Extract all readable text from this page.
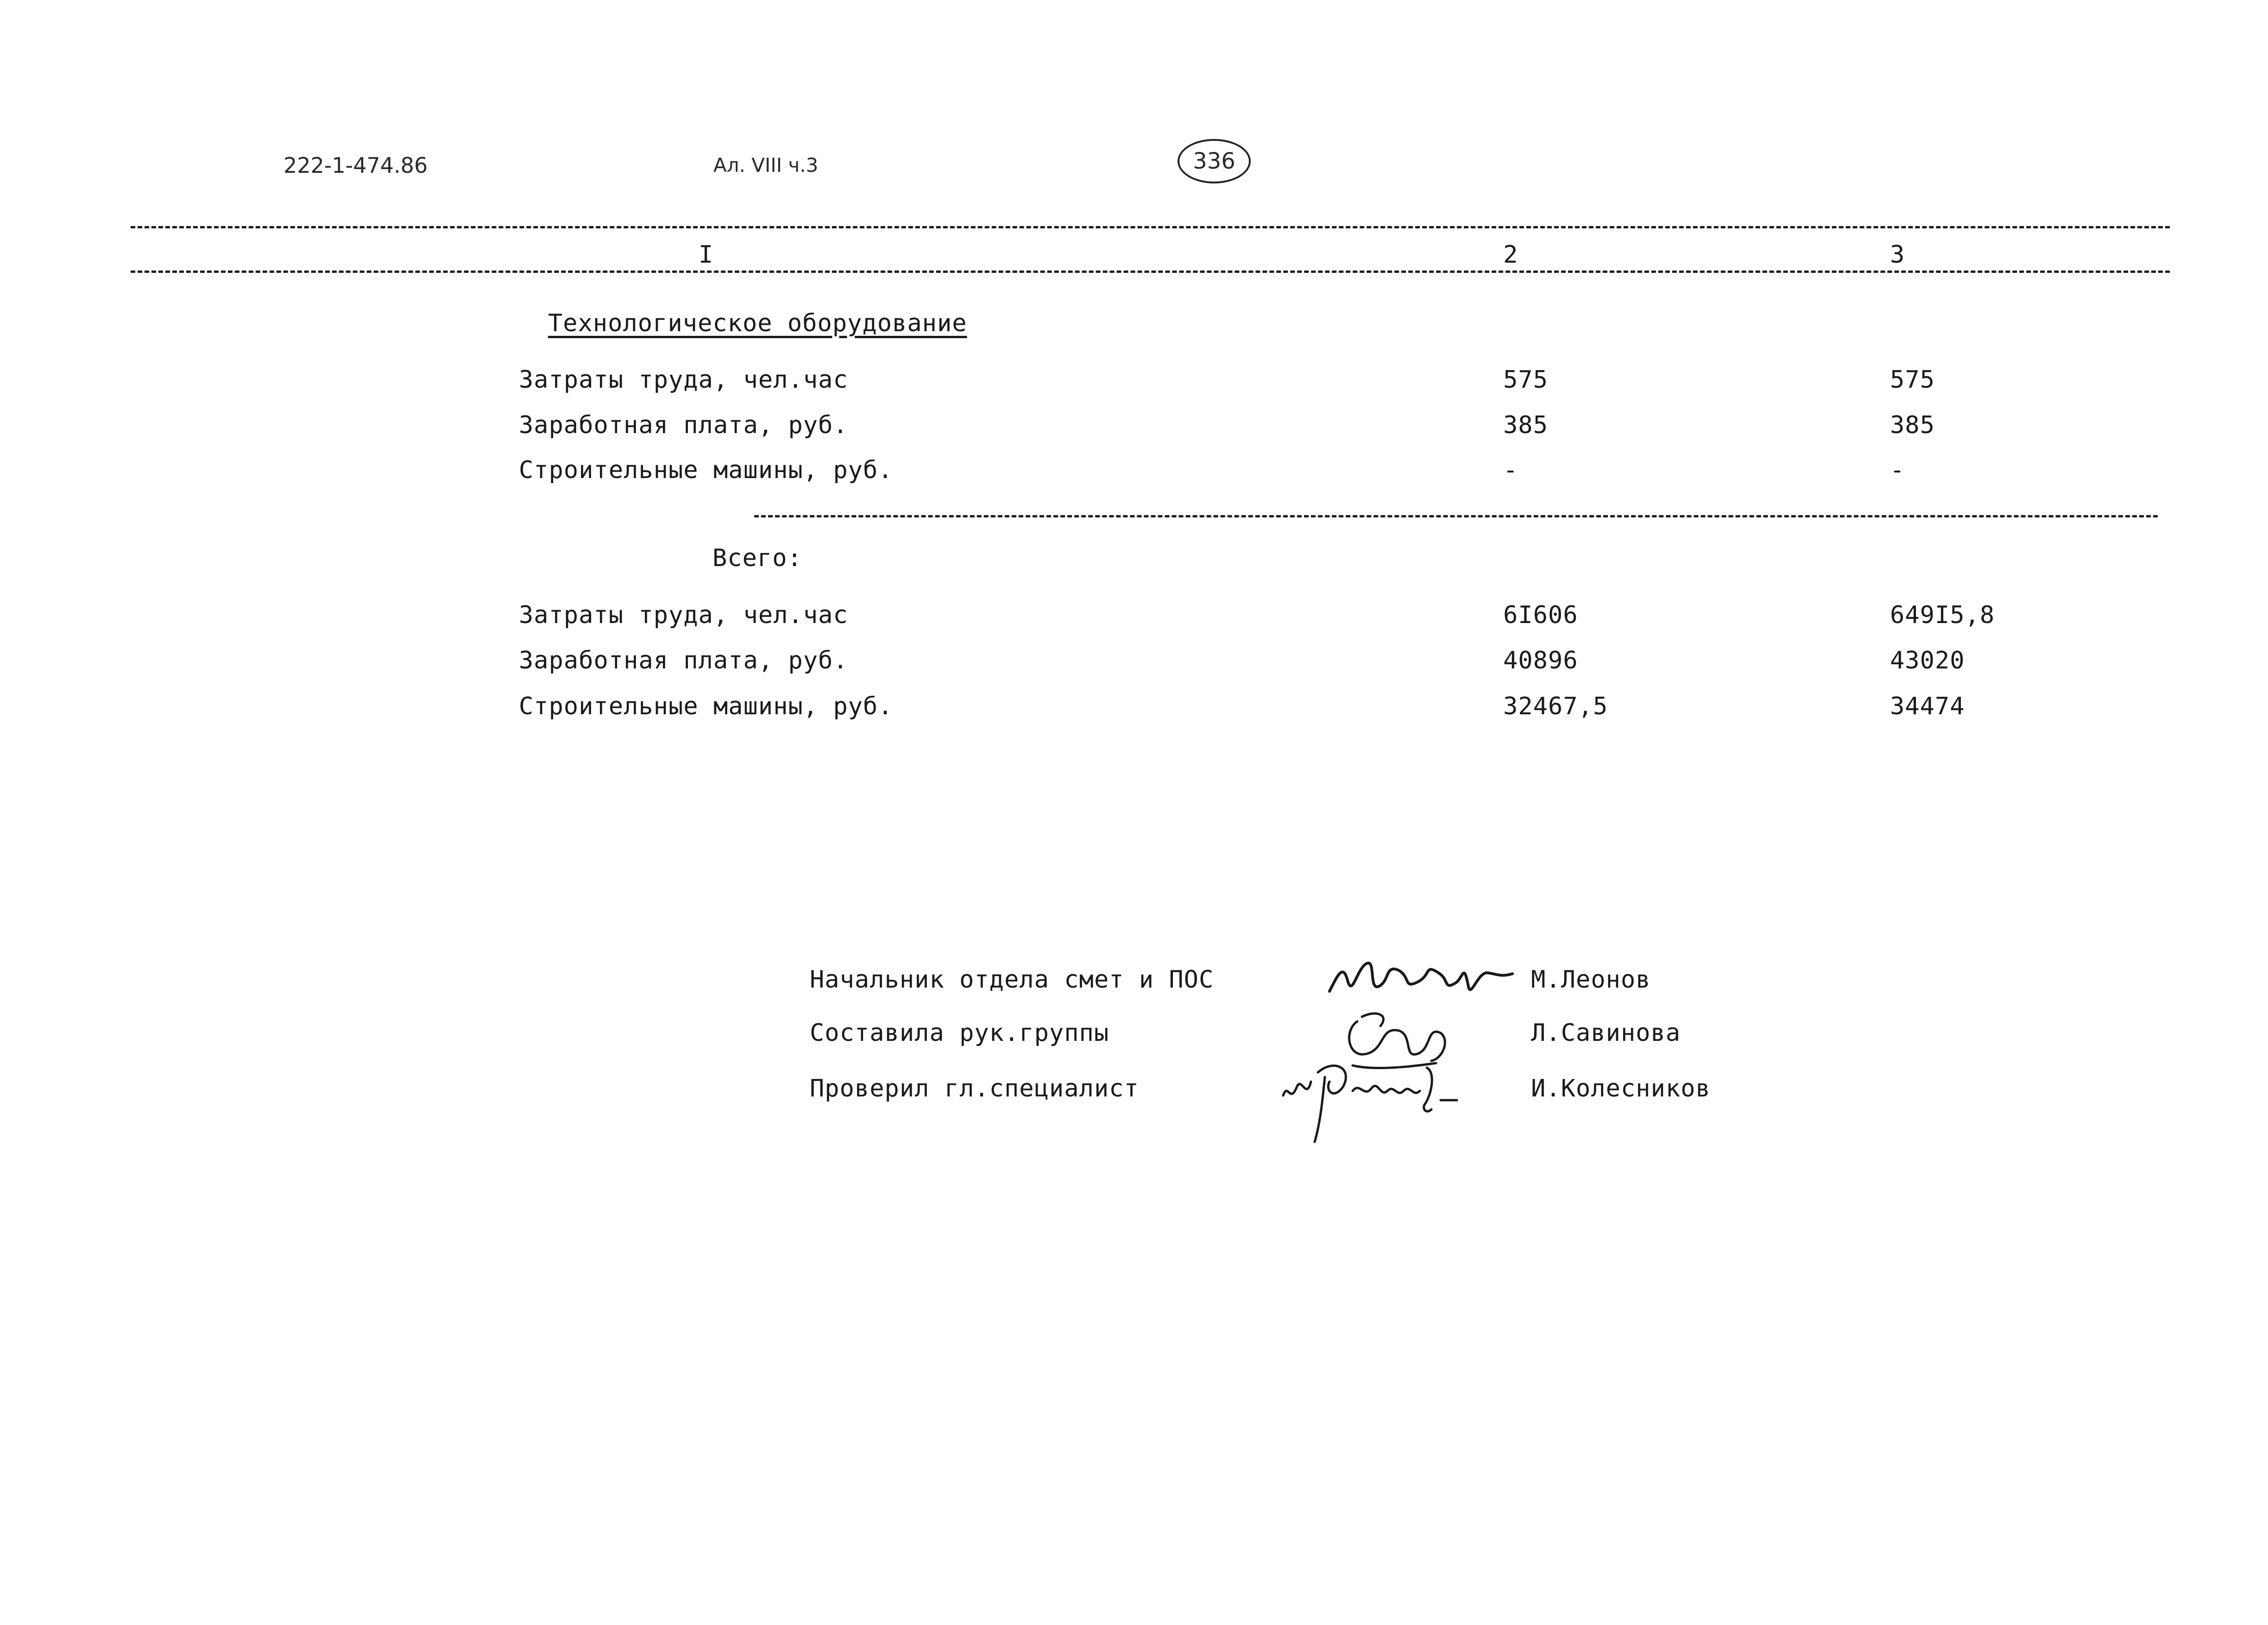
222-1-474.86	Ал. VIII ч.3	336
I	2	3
Технологическое оборудование
Затраты труда, чел.час	575	575
Заработная плата, руб.	385	385
Строительные машины, руб.	-	-
Всего:
Затраты труда, чел.час	6I606	649I5,8
Заработная плата, руб.	40896	43020
Строительные машины, руб.	32467,5	34474
Начальник отдела смет и ПОС	М.Леонов
Составила рук.группы	Л.Савинова
Проверил гл.специалист	И.Колесников
